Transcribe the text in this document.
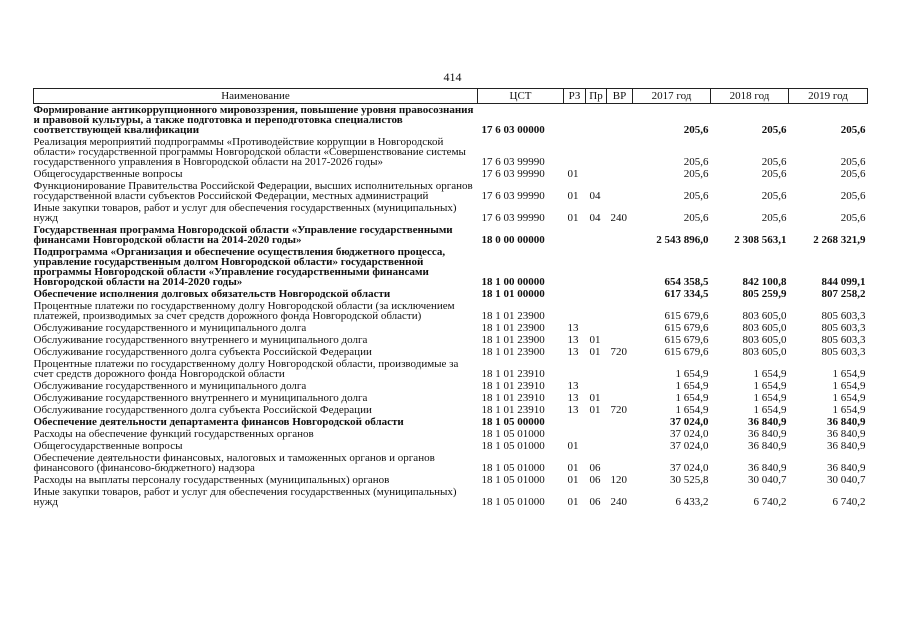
414
Наименование	ЦСТ	РЗ	Пр	ВР	2017 год	2018 год	2019 год
Формирование антикоррупционного мировоззрения, повышение уровня правосознания и правовой культуры, а также подготовка и переподготовка специалистов соответствующей квалификации	17 6 03 00000				205,6	205,6	205,6
Реализация мероприятий подпрограммы «Противодействие коррупции в Новгородской области» государственной программы Новгородской области «Совершенствование системы государственного управления в Новгородской области на 2017-2026 годы»	17 6 03 99990				205,6	205,6	205,6
Общегосударственные вопросы	17 6 03 99990	01			205,6	205,6	205,6
Функционирование Правительства Российской Федерации, высших исполнительных органов государственной власти субъектов Российской Федерации, местных администраций	17 6 03 99990	01	04		205,6	205,6	205,6
Иные закупки товаров, работ и услуг для обеспечения государственных (муниципальных) нужд	17 6 03 99990	01	04	240	205,6	205,6	205,6
Государственная программа Новгородской области «Управление государственными финансами Новгородской области на 2014-2020 годы»	18 0 00 00000				2 543 896,0	2 308 563,1	2 268 321,9
Подпрограмма «Организация и обеспечение осуществления бюджетного процесса, управление государственным долгом Новгородской области» государственной программы Новгородской области «Управление государственными финансами Новгородской области на 2014-2020 годы»	18 1 00 00000				654 358,5	842 100,8	844 099,1
Обеспечение исполнения долговых обязательств Новгородской области	18 1 01 00000				617 334,5	805 259,9	807 258,2
Процентные платежи по государственному долгу Новгородской области (за исключением платежей, производимых за счет средств дорожного фонда Новгородской области)	18 1 01 23900				615 679,6	803 605,0	805 603,3
Обслуживание государственного и муниципального долга	18 1 01 23900	13			615 679,6	803 605,0	805 603,3
Обслуживание государственного внутреннего и муниципального долга	18 1 01 23900	13	01		615 679,6	803 605,0	805 603,3
Обслуживание государственного долга субъекта Российской Федерации	18 1 01 23900	13	01	720	615 679,6	803 605,0	805 603,3
Процентные платежи по государственному долгу Новгородской области, производимые за счет средств дорожного фонда Новгородской области	18 1 01 23910				1 654,9	1 654,9	1 654,9
Обслуживание государственного и муниципального долга	18 1 01 23910	13			1 654,9	1 654,9	1 654,9
Обслуживание государственного внутреннего и муниципального долга	18 1 01 23910	13	01		1 654,9	1 654,9	1 654,9
Обслуживание государственного долга субъекта Российской Федерации	18 1 01 23910	13	01	720	1 654,9	1 654,9	1 654,9
Обеспечение деятельности департамента финансов Новгородской области	18 1 05 00000				37 024,0	36 840,9	36 840,9
Расходы на обеспечение функций государственных органов	18 1 05 01000				37 024,0	36 840,9	36 840,9
Общегосударственные вопросы	18 1 05 01000	01			37 024,0	36 840,9	36 840,9
Обеспечение деятельности финансовых, налоговых и таможенных органов и органов финансового (финансово-бюджетного) надзора	18 1 05 01000	01	06		37 024,0	36 840,9	36 840,9
Расходы на выплаты персоналу государственных (муниципальных) органов	18 1 05 01000	01	06	120	30 525,8	30 040,7	30 040,7
Иные закупки товаров, работ и услуг для обеспечения государственных (муниципальных) нужд	18 1 05 01000	01	06	240	6 433,2	6 740,2	6 740,2
